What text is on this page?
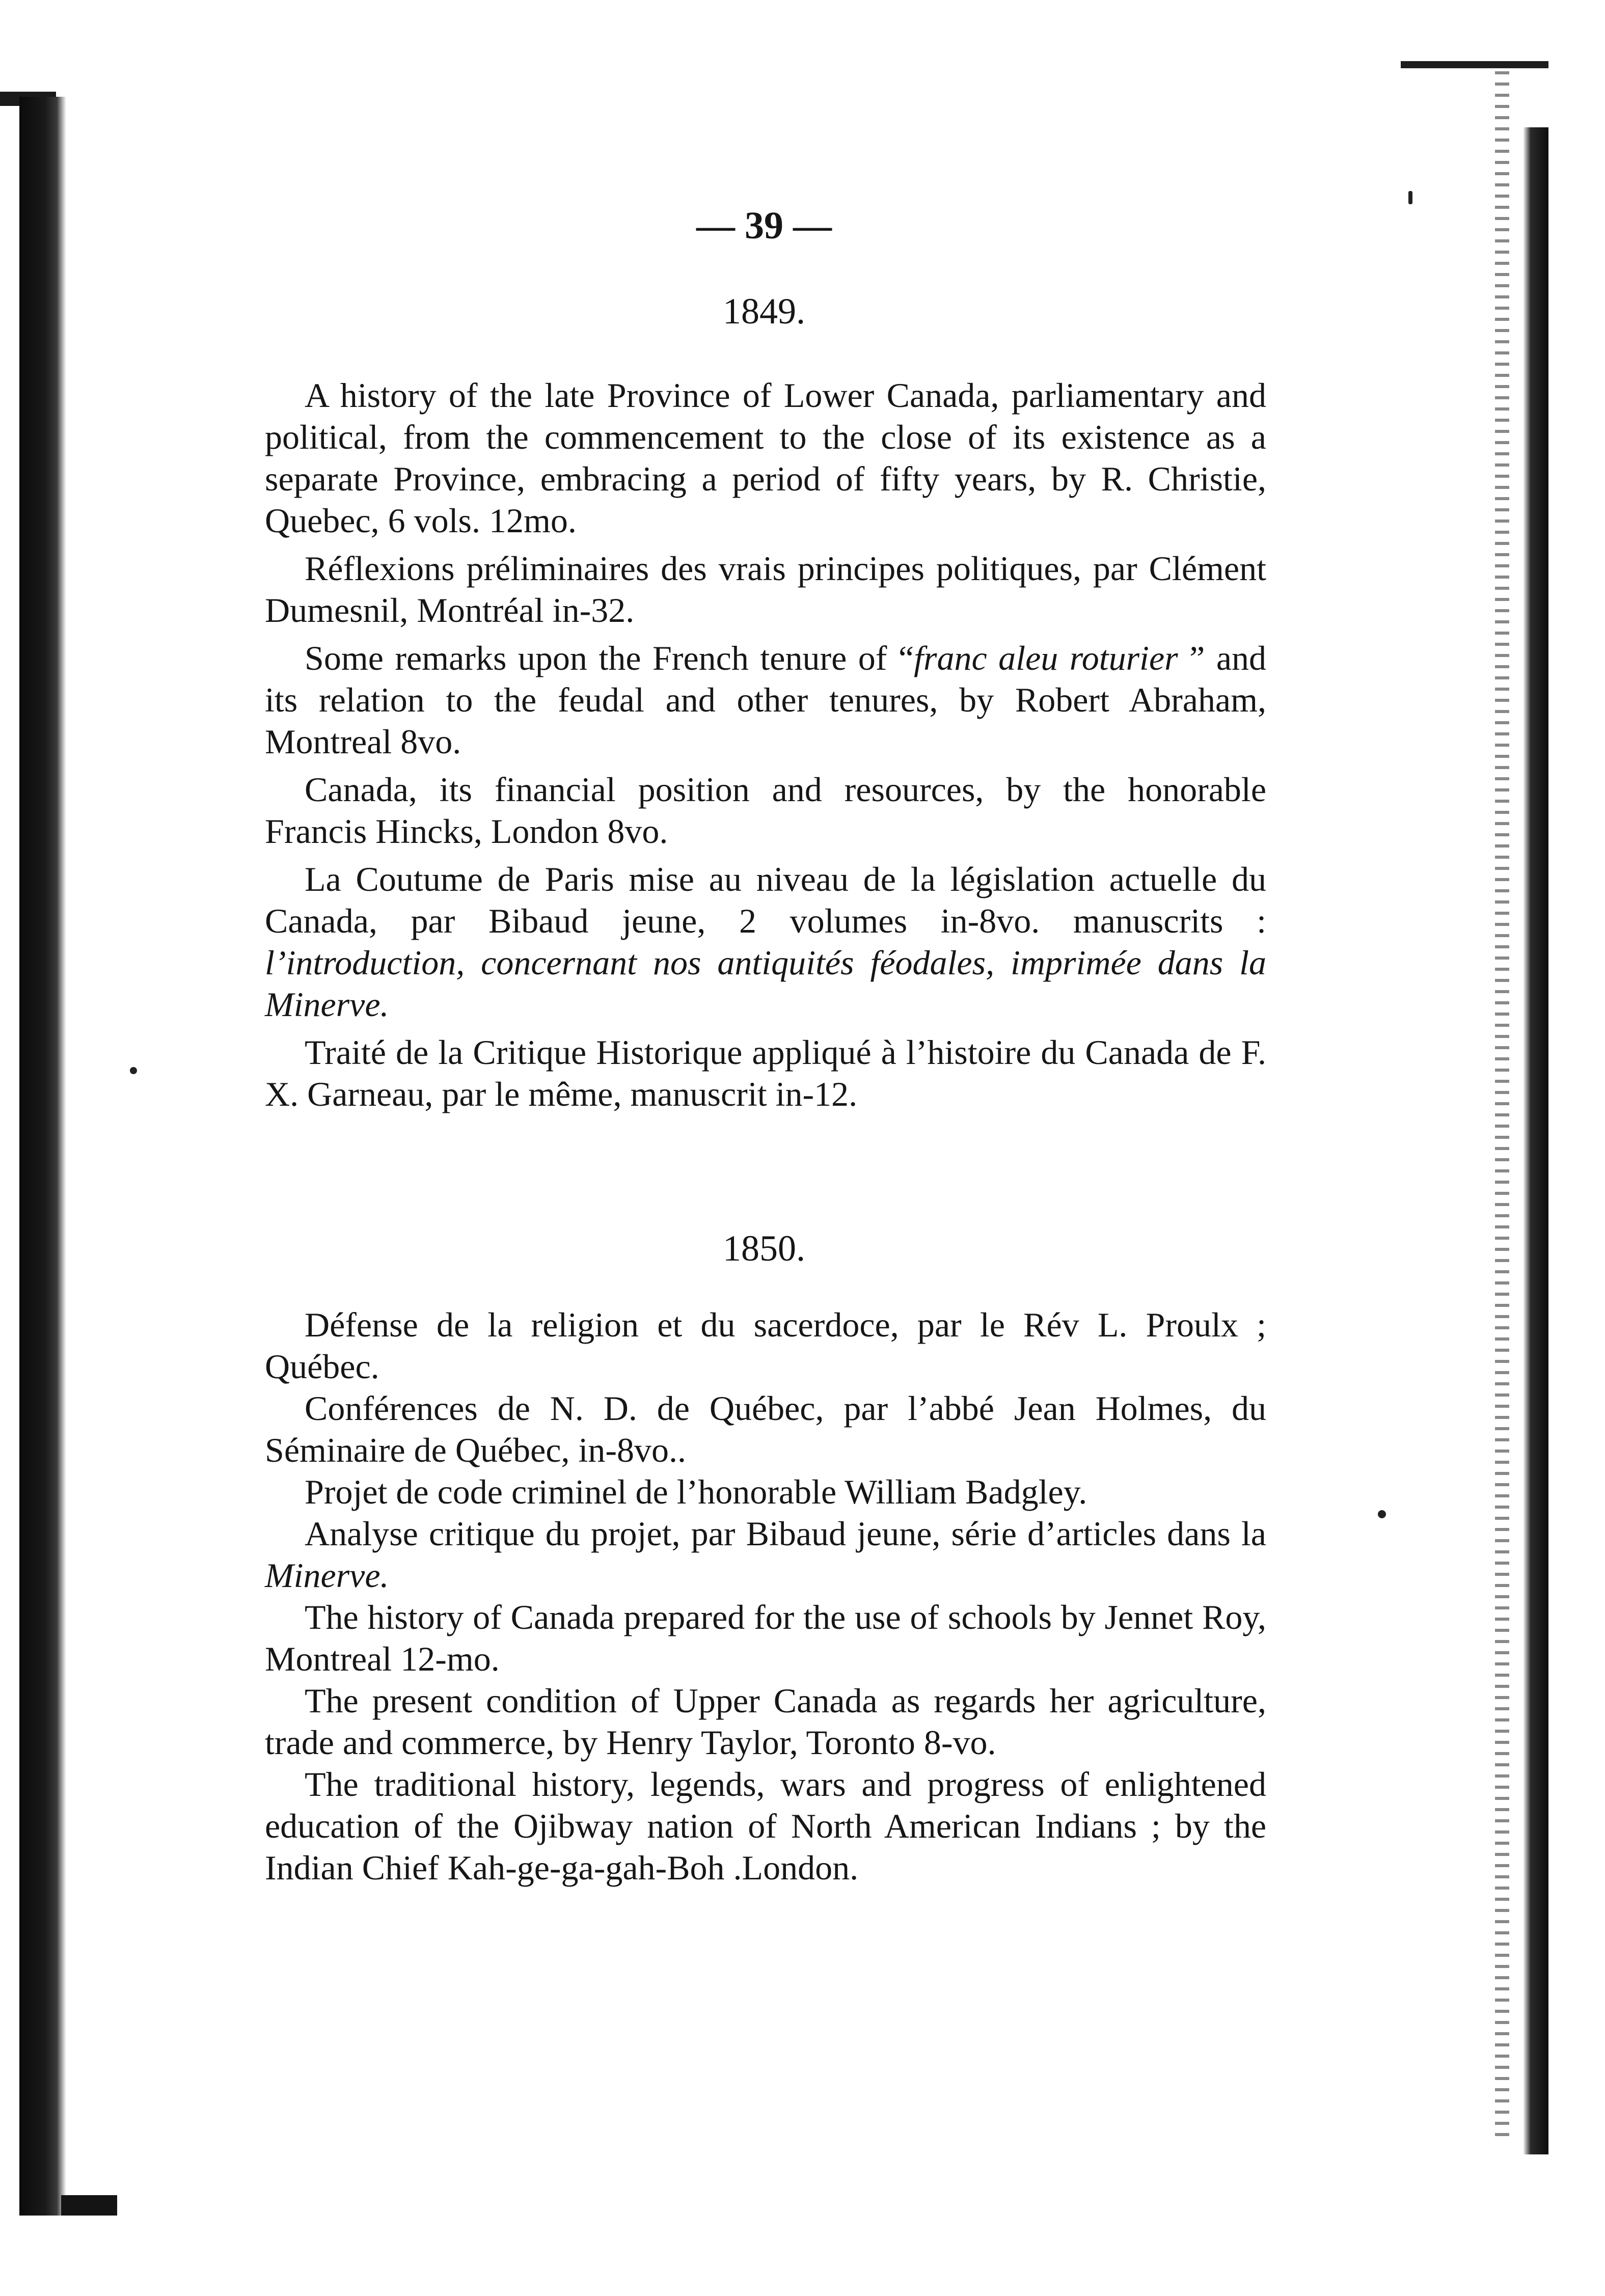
— 39 —
1849.

A history of the late Province of Lower Canada, parliamentary and political, from the commencement to the close of its existence as a separate Province, embracing a period of fifty years, by R. Christie, Quebec, 6 vols. 12mo.

Réflexions préliminaires des vrais principes politiques, par Clément Dumesnil, Montréal in-32.

Some remarks upon the French tenure of “franc aleu roturier ” and its relation to the feudal and other tenures, by Robert Abraham, Montreal 8vo.

Canada, its financial position and resources, by the honorable Francis Hincks, London 8vo.

La Coutume de Paris mise au niveau de la législation actuelle du Canada, par Bibaud jeune, 2 volumes in-8vo. manuscrits : l’introduction, concernant nos antiquités féodales, imprimée dans la Minerve.

Traité de la Critique Historique appliqué à l’histoire du Canada de F. X. Garneau, par le même, manuscrit in-12.

1850.

Défense de la religion et du sacerdoce, par le Rév L. Proulx ; Québec.

Conférences de N. D. de Québec, par l’abbé Jean Holmes, du Séminaire de Québec, in-8vo..

Projet de code criminel de l’honorable William Badgley.

Analyse critique du projet, par Bibaud jeune, série d’articles dans la Minerve.

The history of Canada prepared for the use of schools by Jennet Roy, Montreal 12-mo.

The present condition of Upper Canada as regards her agriculture, trade and commerce, by Henry Taylor, Toronto 8-vo.

The traditional history, legends, wars and progress of enlightened education of the Ojibway nation of North American Indians ; by the Indian Chief Kah-ge-ga-gah-Boh .London.
